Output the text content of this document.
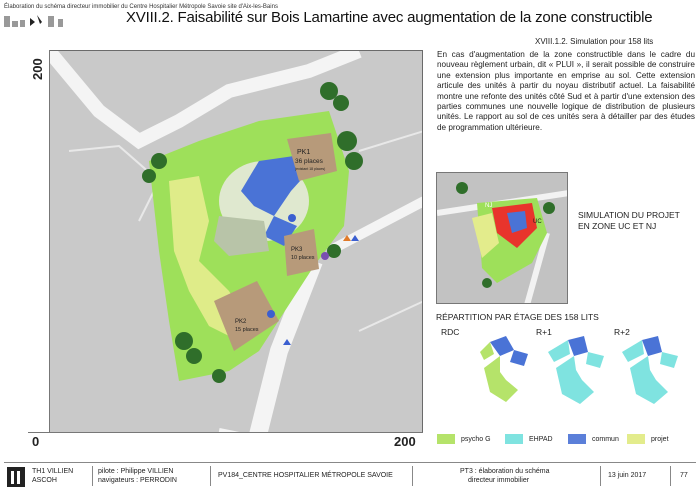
Élaboration du schéma directeur immobilier du Centre Hospitalier Métropole Savoie site d'Aix-les-Bains
XVIII.2. Faisabilité sur Bois Lamartine avec augmentation de la zone constructible
XVIII.1.2. Simulation pour 158 lits
PK1
36 places
(existant 18 places)
PK3
10 places
PK2
15 places
200
0	200
En cas d'augmentation de la zone constructible dans le cadre du nouveau règlement urbain, dit « PLUI », il serait possible de construire une extension plus importante en emprise au sol. Cette extension articule des unités à partir du noyau distributif actuel. La faisabilité montre une refonte des unités côté Sud et à partir d'une extension des parties communes une nouvelle logique de distribution de plusieurs unités. Le rapport au sol de ces unités sera à détailler par des études de programmation ultérieure.
NJ
UC
SIMULATION DU PROJET EN ZONE UC ET NJ
RÉPARTITION PAR ÉTAGE DES 158 LITS
RDC	R+1	R+2
psycho G	EHPAD	commun	projet
TH1 VILLIEN
ASCOH
pilote : Philippe VILLIEN
navigateurs : PERRODIN
PV184_CENTRE HOSPITALIER MÉTROPOLE SAVOIE
PT3 : élaboration du schéma
directeur immobilier
13 juin 2017	77
